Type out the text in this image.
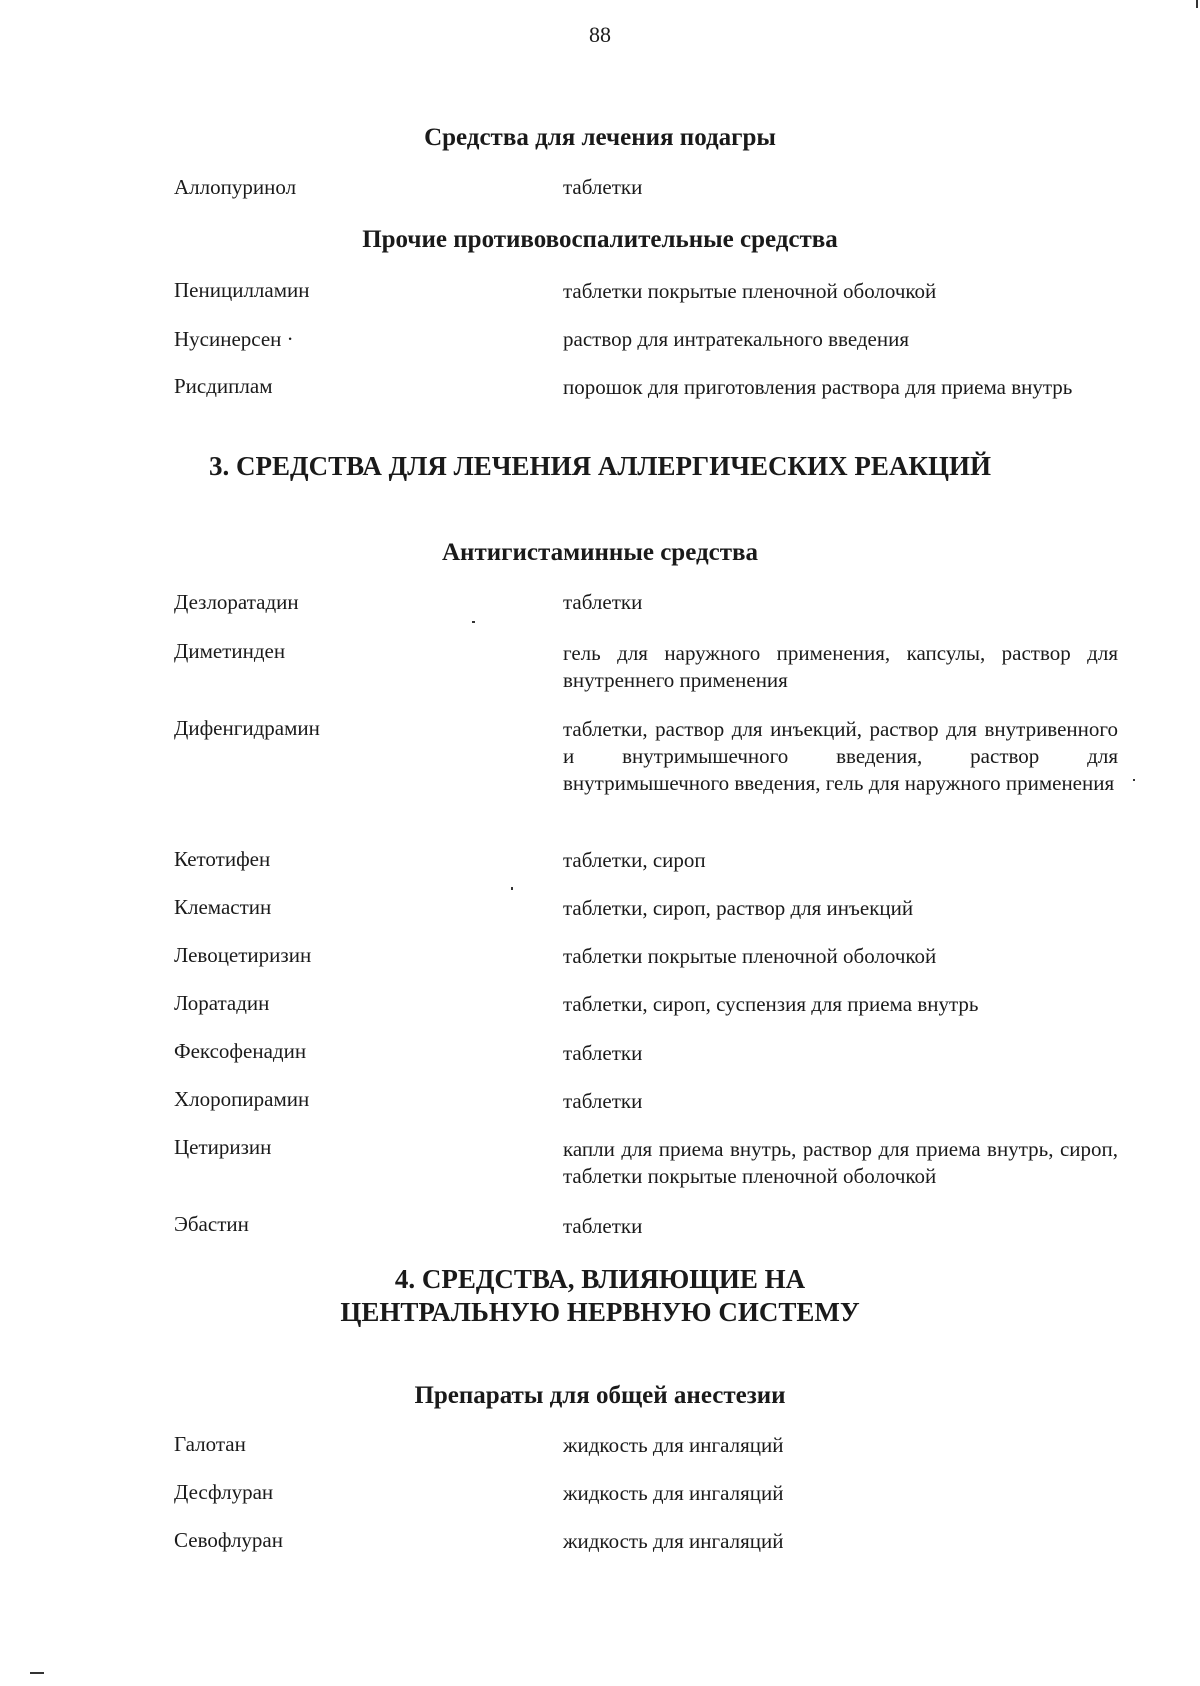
88
Средства для лечения подагры
Аллопуринол	таблетки
Прочие противовоспалительные средства
Пеницилламин	таблетки покрытые пленочной оболочкой
Нусинерсен ·	раствор для интратекального введения
Рисдиплам	порошок для приготовления раствора для приема внутрь
3. СРЕДСТВА ДЛЯ ЛЕЧЕНИЯ АЛЛЕРГИЧЕСКИХ РЕАКЦИЙ
Антигистаминные средства
Дезлоратадин	таблетки
Диметинден	гель для наружного применения, капсулы, раствор для внутреннего применения
Дифенгидрамин	таблетки, раствор для инъекций, раствор для внутривенного и внутримышечного введения, раствор для внутримышечного введения, гель для наружного применения
Кетотифен	таблетки, сироп
Клемастин	таблетки, сироп, раствор для инъекций
Левоцетиризин	таблетки покрытые пленочной оболочкой
Лоратадин	таблетки, сироп, суспензия для приема внутрь
Фексофенадин	таблетки
Хлоропирамин	таблетки
Цетиризин	капли для приема внутрь, раствор для приема внутрь, сироп, таблетки покрытые пленочной оболочкой
Эбастин	таблетки
4. СРЕДСТВА, ВЛИЯЮЩИЕ НА
ЦЕНТРАЛЬНУЮ НЕРВНУЮ СИСТЕМУ
Препараты для общей анестезии
Галотан	жидкость для ингаляций
Десфлуран	жидкость для ингаляций
Севофлуран	жидкость для ингаляций
